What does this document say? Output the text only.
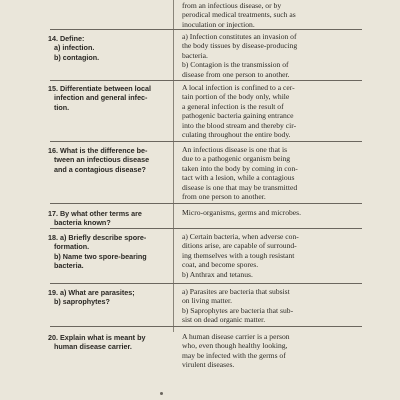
from an infectious disease, or by
perodical medical treatments, such as
inoculation or injection.
14. Define:
a) infection.
b) contagion.
a) Infection constitutes an invasion of
the body tissues by disease-producing
bacteria.
b) Contagion is the transmission of
disease from one person to another.
15. Differentiate between local
infection and general infec-
tion.
A local infection is confined to a cer-
tain portion of the body only, while
a general infection is the result of
pathogenic bacteria gaining entrance
into the blood stream and thereby cir-
culating throughout the entire body.
16. What is the difference be-
tween an infectious disease
and a contagious disease?
An infectious disease is one that is
due to a pathogenic organism being
taken into the body by coming in con-
tact with a lesion, while a contagious
disease is one that may be transmitted
from one person to another.
17. By what other terms are
bacteria known?
Micro-organisms, germs and microbes.
18. a) Briefly describe spore-
formation.
b) Name two spore-bearing
bacteria.
a) Certain bacteria, when adverse con-
ditions arise, are capable of surround-
ing themselves with a tough resistant
coat, and become spores.
b) Anthrax and tetanus.
19. a) What are parasites;
b) saprophytes?
a) Parasites are bacteria that subsist
on living matter.
b) Saprophytes are bacteria that sub-
sist on dead organic matter.
20. Explain what is meant by
human disease carrier.
A human disease carrier is a person
who, even though healthy looking,
may be infected with the germs of
virulent diseases.
